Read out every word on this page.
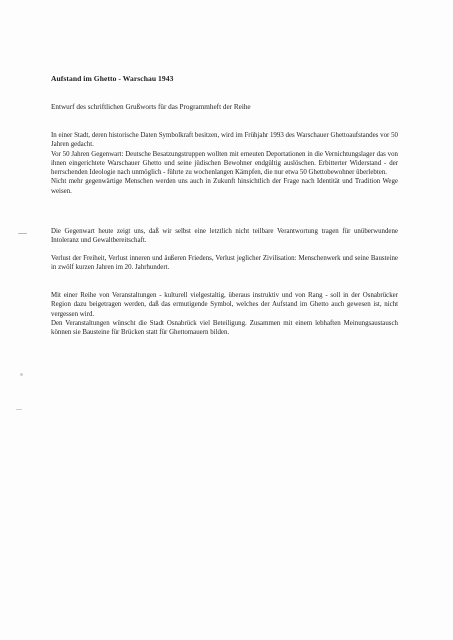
Aufstand im Ghetto - Warschau 1943
Entwurf des schriftlichen Grußworts für das Programmheft der Reihe

In einer Stadt, deren historische Daten Symbolkraft besitzen, wird im Frühjahr 1993 des Warschauer Ghettoaufstandes vor 50 Jahren gedacht.

Vor 50 Jahren Gegenwart: Deutsche Besatzungstruppen wollten mit erneuten Deportationen in die Vernichtungslager das von ihnen eingerichtete Warschauer Ghetto und seine jüdischen Bewohner endgültig auslöschen. Erbitterter Widerstand - der herrschenden Ideologie nach unmöglich - führte zu wochenlangen Kämpfen, die nur etwa 50 Ghettobewohner überlebten.

Nicht mehr gegenwärtige Menschen werden uns auch in Zukunft hinsichtlich der Frage nach Identität und Tradition Wege weisen.

Die Gegenwart heute zeigt uns, daß wir selbst eine letztlich nicht teilbare Verantwortung tragen für unüberwundene Intoleranz und Gewaltbereitschaft.

Verlust der Freiheit, Verlust inneren und äußeren Friedens, Verlust jeglicher Zivilisation: Menschenwerk und seine Bausteine in zwölf kurzen Jahren im 20. Jahrhundert.

Mit einer Reihe von Veranstaltungen - kulturell vielgestaltig, überaus instruktiv und von Rang - soll in der Osnabrücker Region dazu beigetragen werden, daß das ermutigende Symbol, welches der Aufstand im Ghetto auch gewesen ist, nicht vergessen wird.

Den Veranstaltungen wünscht die Stadt Osnabrück viel Beteiligung. Zusammen mit einem lebhaften Meinungsaustausch können sie Bausteine für Brücken statt für Ghettomauern bilden.
